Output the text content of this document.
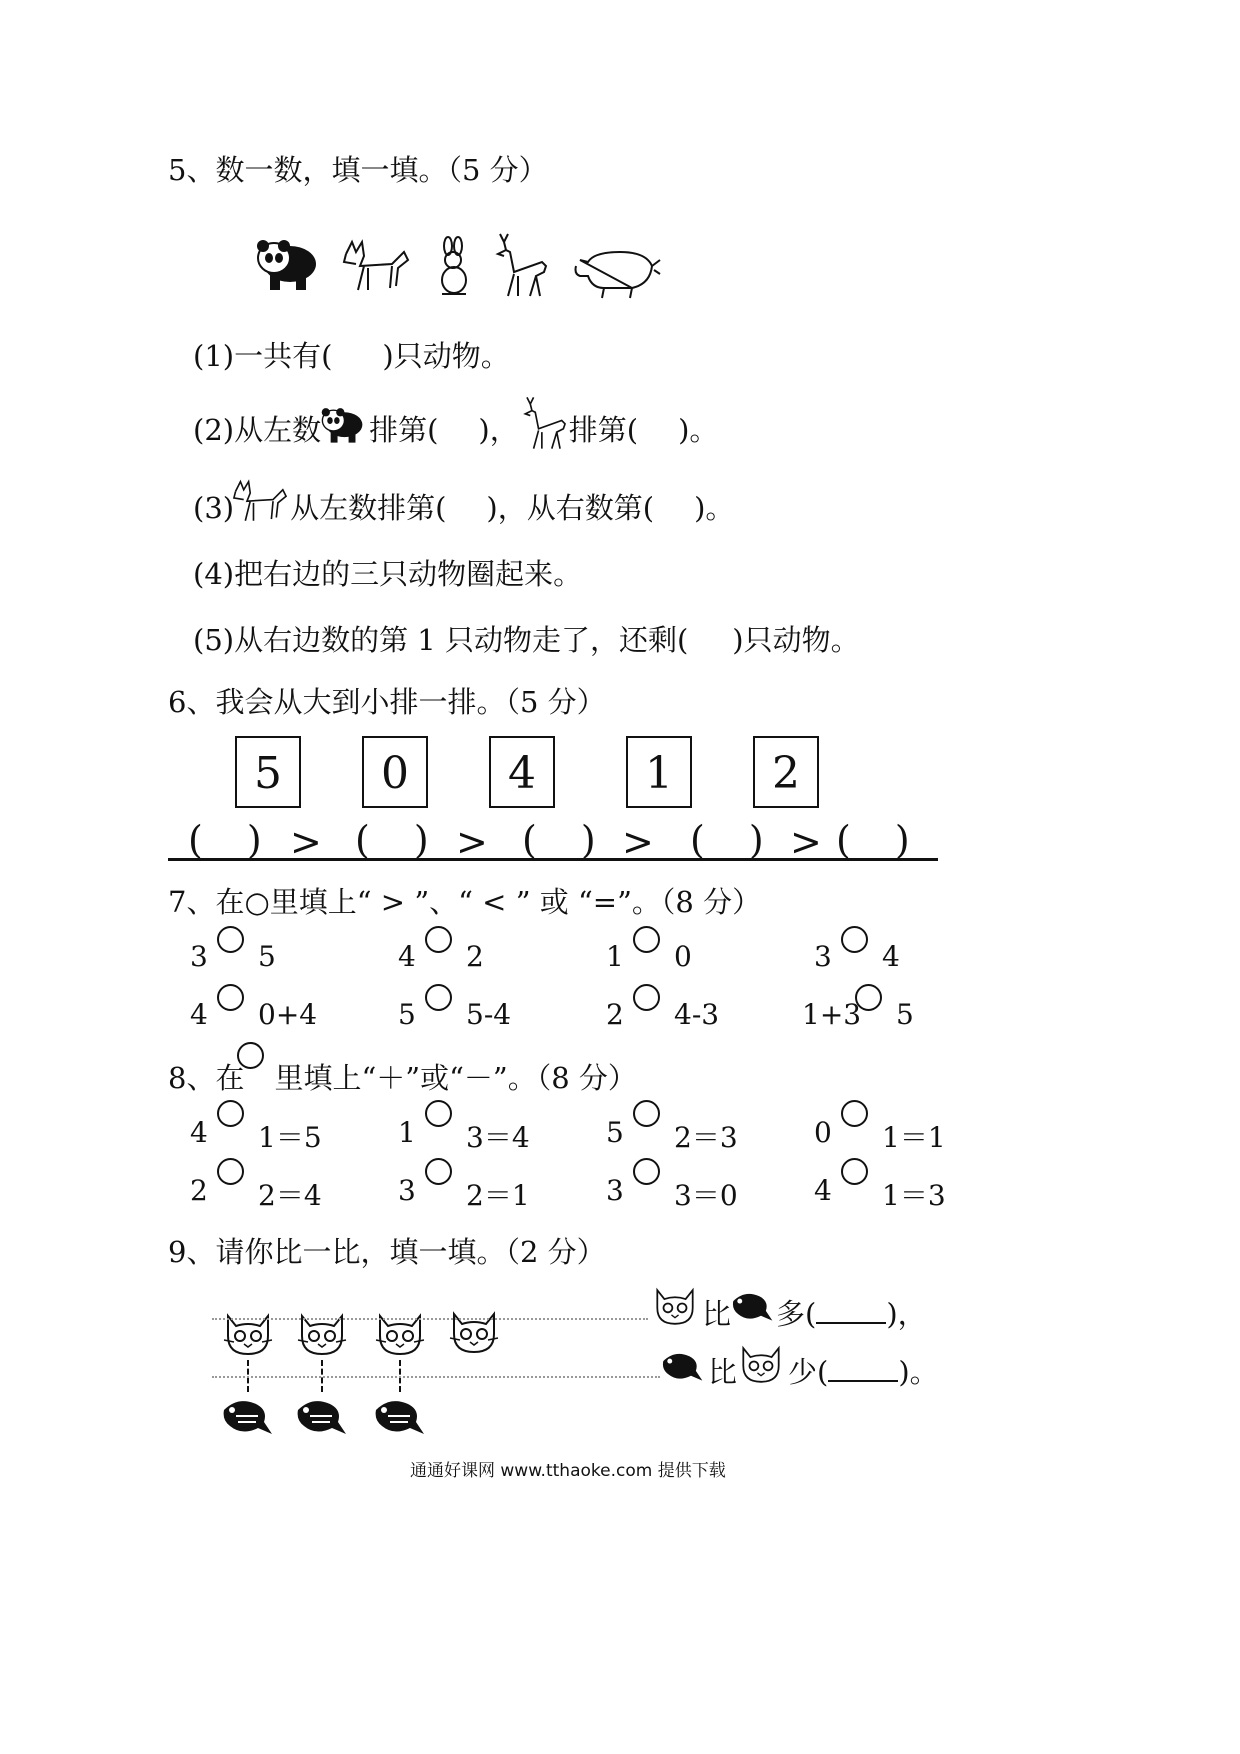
5、数一数，填一填。（5 分）
(1)一共有( )只动物。
(2)从左数 排第( )， 排第( )。
(3) 从左数排第( )，从右数第( )。
(4)把右边的三只动物圈起来。
(5)从右边数的第 1 只动物走了，还剩( )只动物。
6、我会从大到小排一排。（5 分）
5	0	4	1	2
( ) > ( ) > ( ) > ( ) > ( )
7、在○里填上“ > ”、“ < ” 或 “=”。（8 分）
3 5	4 2	1 0	3 4
4 0+4	5 5-4	2 4-3	1+3 5
8、在 里填上“＋”或“－”。（8 分）
4 1＝5	1 3＝4	5 2＝3	0 1＝1
2 2＝4	3 2＝1	3 3＝0	4 1＝3
9、请你比一比，填一填。（2 分）
比 多( )，
比 少( )。
通通好课网 www.tthaoke.com 提供下载
